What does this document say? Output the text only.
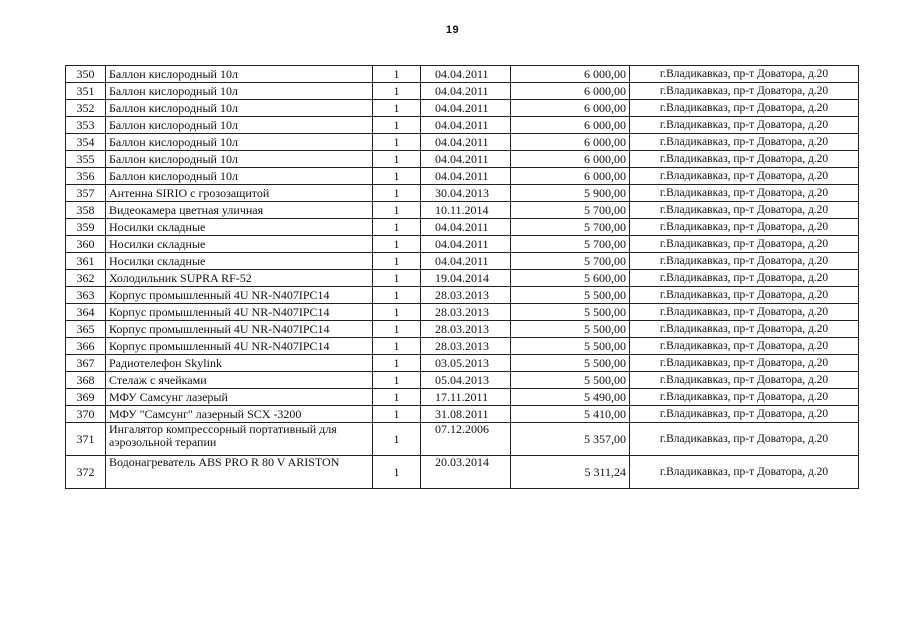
19
350	Баллон кислородный 10л	1	04.04.2011	6 000,00	г.Владикавказ, пр-т Доватора, д.20
351	Баллон кислородный 10л	1	04.04.2011	6 000,00	г.Владикавказ, пр-т Доватора, д.20
352	Баллон кислородный 10л	1	04.04.2011	6 000,00	г.Владикавказ, пр-т Доватора, д.20
353	Баллон кислородный 10л	1	04.04.2011	6 000,00	г.Владикавказ, пр-т Доватора, д.20
354	Баллон кислородный 10л	1	04.04.2011	6 000,00	г.Владикавказ, пр-т Доватора, д.20
355	Баллон кислородный 10л	1	04.04.2011	6 000,00	г.Владикавказ, пр-т Доватора, д.20
356	Баллон кислородный 10л	1	04.04.2011	6 000,00	г.Владикавказ, пр-т Доватора, д.20
357	Антенна SIRIO с грозозащитой	1	30.04.2013	5 900,00	г.Владикавказ, пр-т Доватора, д.20
358	Видеокамера цветная уличная	1	10.11.2014	5 700,00	г.Владикавказ, пр-т Доватора, д.20
359	Носилки складные	1	04.04.2011	5 700,00	г.Владикавказ, пр-т Доватора, д.20
360	Носилки складные	1	04.04.2011	5 700,00	г.Владикавказ, пр-т Доватора, д.20
361	Носилки складные	1	04.04.2011	5 700,00	г.Владикавказ, пр-т Доватора, д.20
362	Холодильник SUPRA RF-52	1	19.04.2014	5 600,00	г.Владикавказ, пр-т Доватора, д.20
363	Корпус промышленный 4U NR-N407IPC14	1	28.03.2013	5 500,00	г.Владикавказ, пр-т Доватора, д.20
364	Корпус промышленный 4U NR-N407IPC14	1	28.03.2013	5 500,00	г.Владикавказ, пр-т Доватора, д.20
365	Корпус промышленный 4U NR-N407IPC14	1	28.03.2013	5 500,00	г.Владикавказ, пр-т Доватора, д.20
366	Корпус промышленный 4U NR-N407IPC14	1	28.03.2013	5 500,00	г.Владикавказ, пр-т Доватора, д.20
367	Радиотелефон Skylink	1	03.05.2013	5 500,00	г.Владикавказ, пр-т Доватора, д.20
368	Стелаж с ячейками	1	05.04.2013	5 500,00	г.Владикавказ, пр-т Доватора, д.20
369	МФУ Самсунг лазерый	1	17.11.2011	5 490,00	г.Владикавказ, пр-т Доватора, д.20
370	МФУ "Самсунг" лазерный SCX -3200	1	31.08.2011	5 410,00	г.Владикавказ, пр-т Доватора, д.20
371	Ингалятор компрессорный портативный для аэрозольной терапии	1	07.12.2006	5 357,00	г.Владикавказ, пр-т Доватора, д.20
372	Водонагреватель ABS PRO R 80 V ARISTON	1	20.03.2014	5 311,24	г.Владикавказ, пр-т Доватора, д.20
